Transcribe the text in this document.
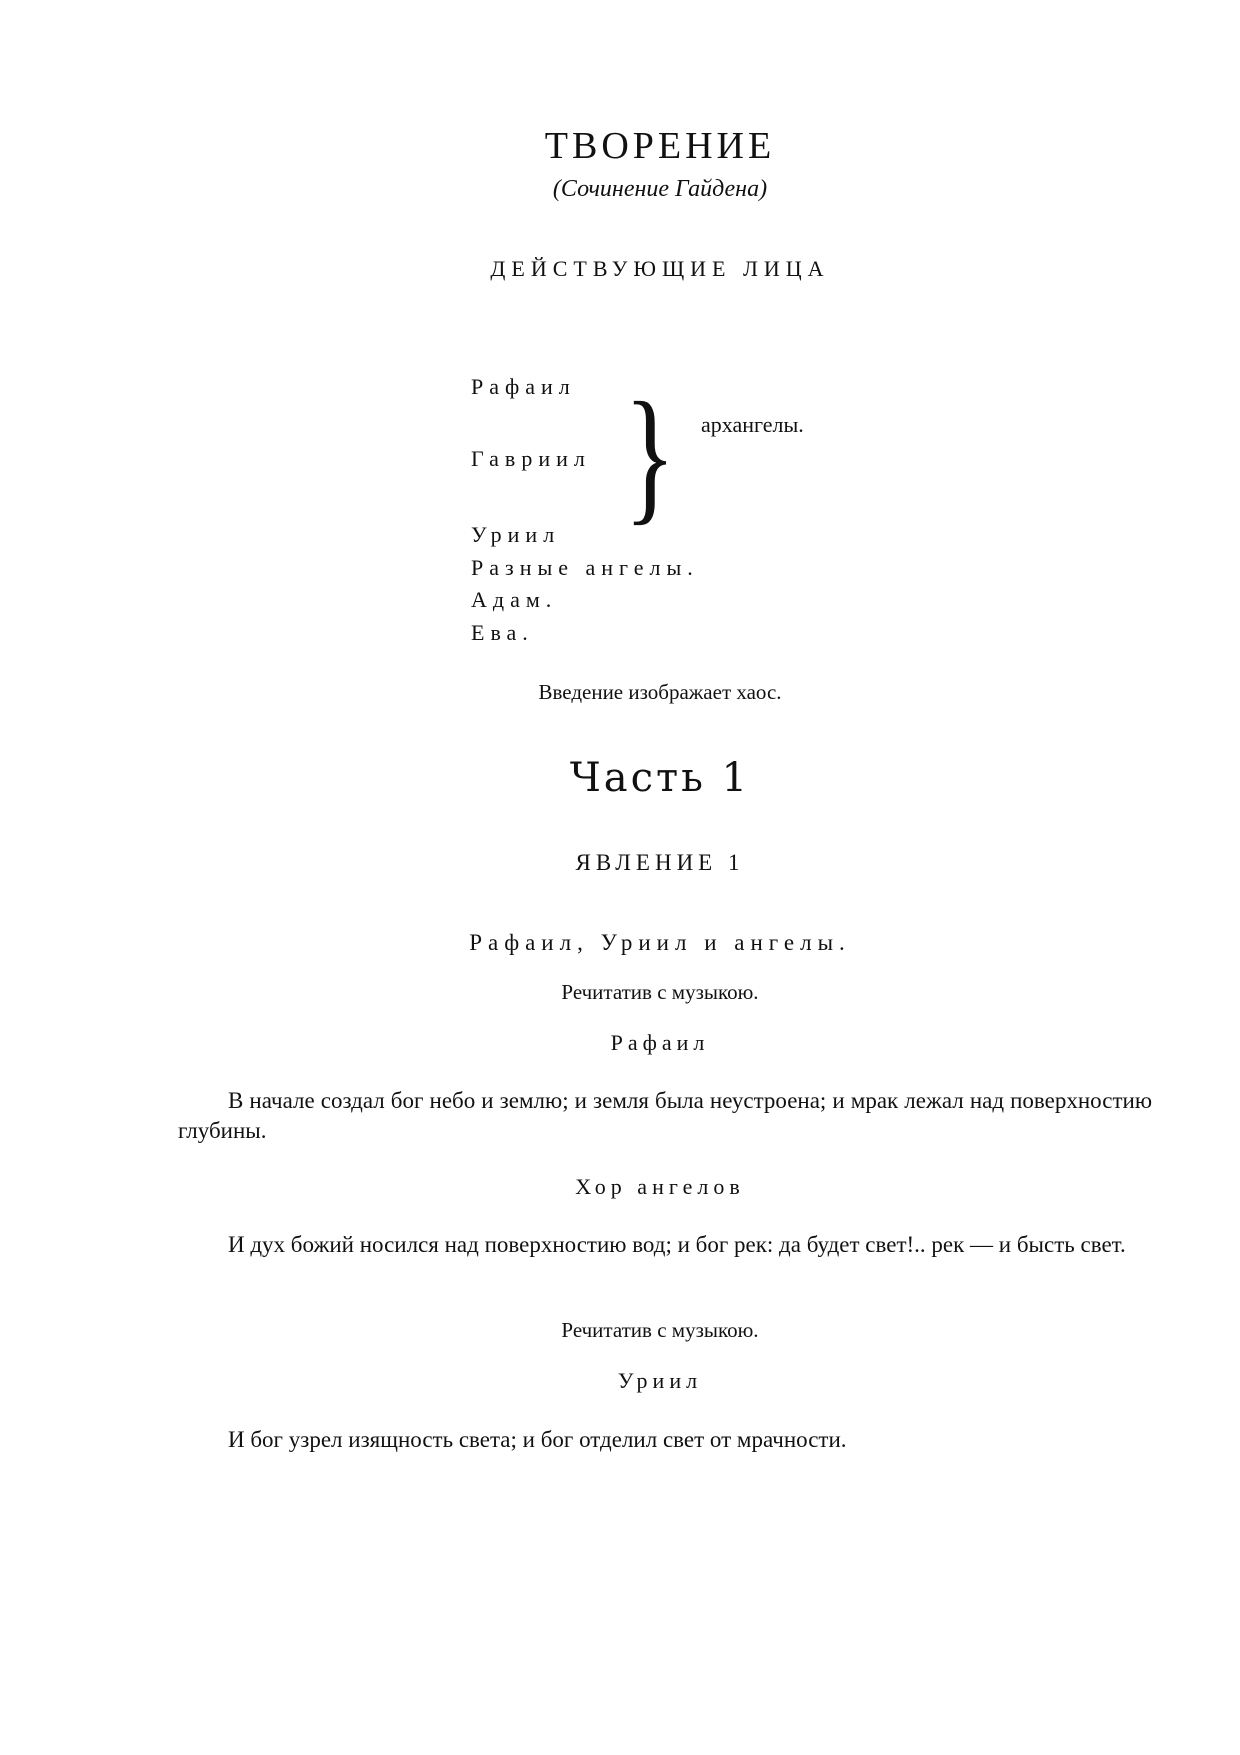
ТВОРЕНИЕ
(Сочинение Гайдена)
ДЕЙСТВУЮЩИЕ ЛИЦА
Рафаил
Гавриил } архангелы.
Уриил
Разные ангелы.
Адам.
Ева.
Введение изображает хаос.
Часть 1
ЯВЛЕНИЕ 1
Рафаил, Уриил и ангелы.
Речитатив с музыкою.
Рафаил

В начале создал бог небо и землю; и земля была неустроена; и мрак лежал над поверхностию глубины.

Хор ангелов

И дух божий носился над поверхностию вод; и бог рек: да будет свет!.. рек — и бысть свет.

Речитатив с музыкою.
Уриил

И бог узрел изящность света; и бог отделил свет от мрачности.
